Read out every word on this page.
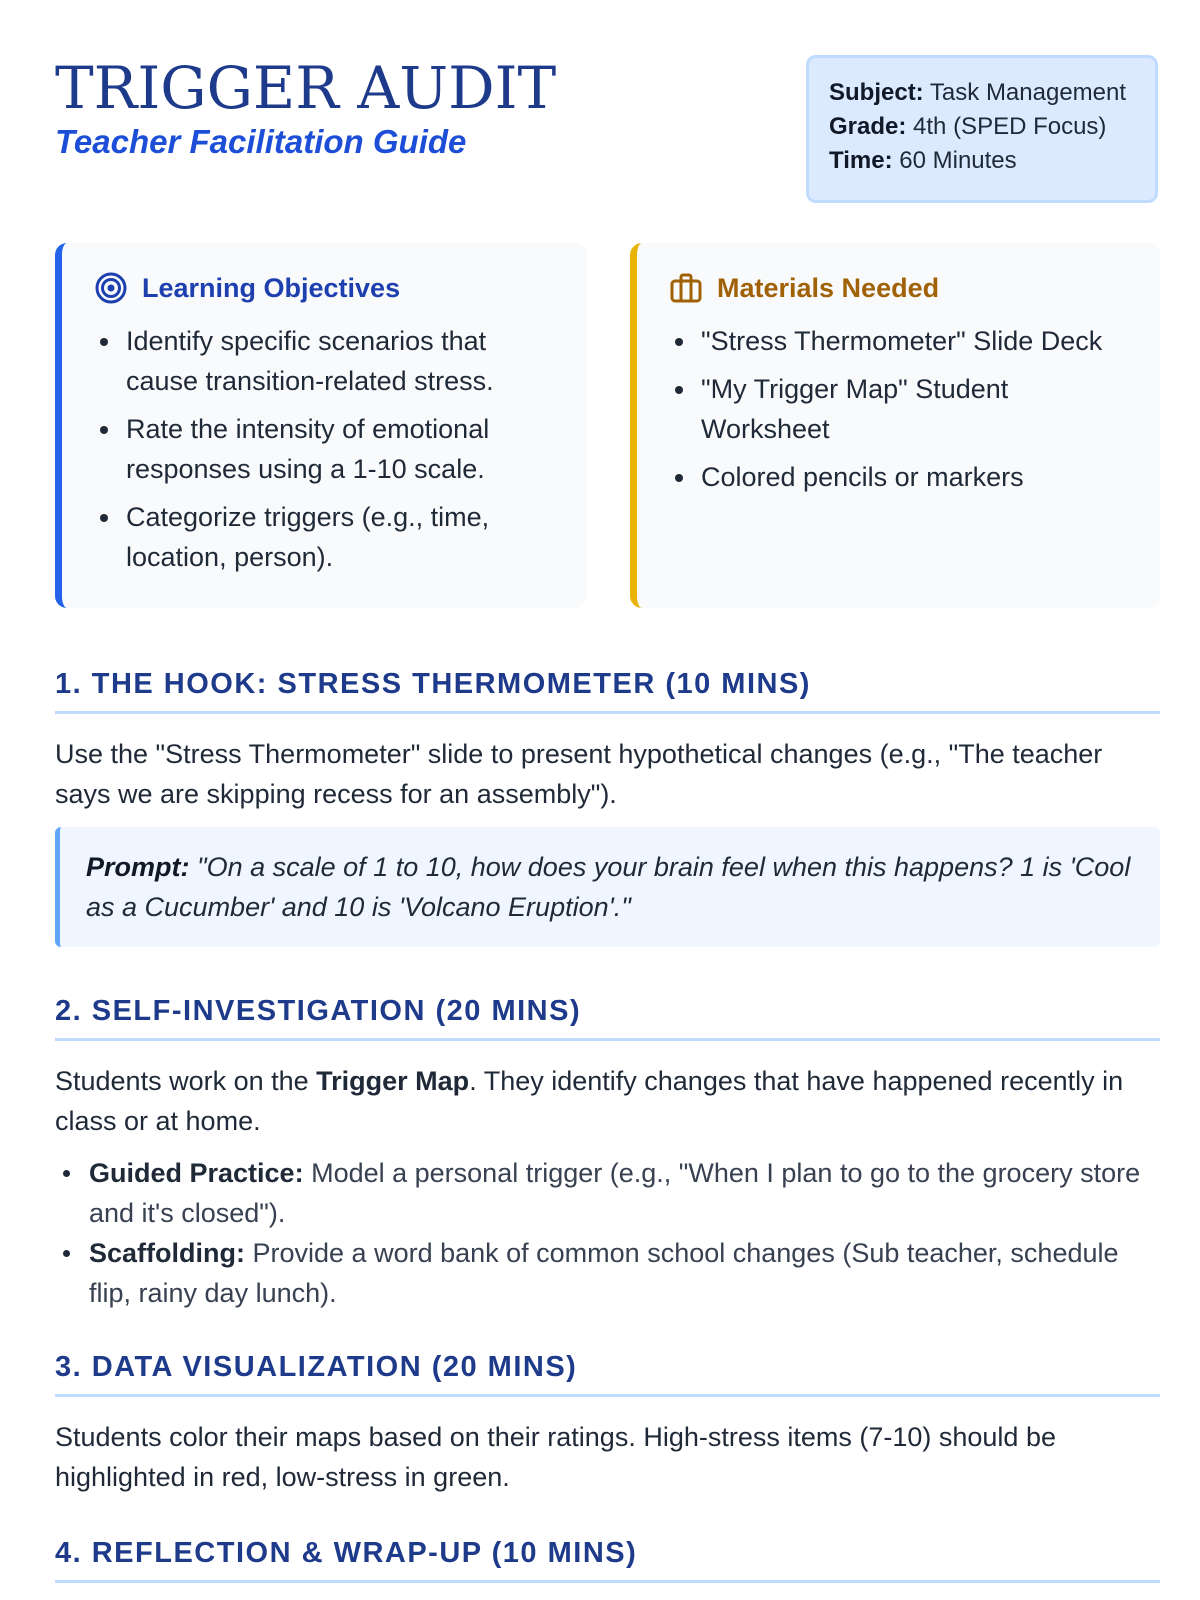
TRIGGER AUDIT
Teacher Facilitation Guide
Subject: Task Management
Grade: 4th (SPED Focus)
Time: 60 Minutes
Learning Objectives
Identify specific scenarios that cause transition-related stress.
Rate the intensity of emotional responses using a 1-10 scale.
Categorize triggers (e.g., time, location, person).
Materials Needed
"Stress Thermometer" Slide Deck
"My Trigger Map" Student Worksheet
Colored pencils or markers
1. THE HOOK: STRESS THERMOMETER (10 MINS)

Use the "Stress Thermometer" slide to present hypothetical changes (e.g., "The teacher says we are skipping recess for an assembly").

Prompt: "On a scale of 1 to 10, how does your brain feel when this happens? 1 is 'Cool as a Cucumber' and 10 is 'Volcano Eruption'."
2. SELF-INVESTIGATION (20 MINS)

Students work on the Trigger Map. They identify changes that have happened recently in class or at home.

Guided Practice: Model a personal trigger (e.g., "When I plan to go to the grocery store and it's closed").
Scaffolding: Provide a word bank of common school changes (Sub teacher, schedule flip, rainy day lunch).
3. DATA VISUALIZATION (20 MINS)

Students color their maps based on their ratings. High-stress items (7-10) should be highlighted in red, low-stress in green.

4. REFLECTION & WRAP-UP (10 MINS)
